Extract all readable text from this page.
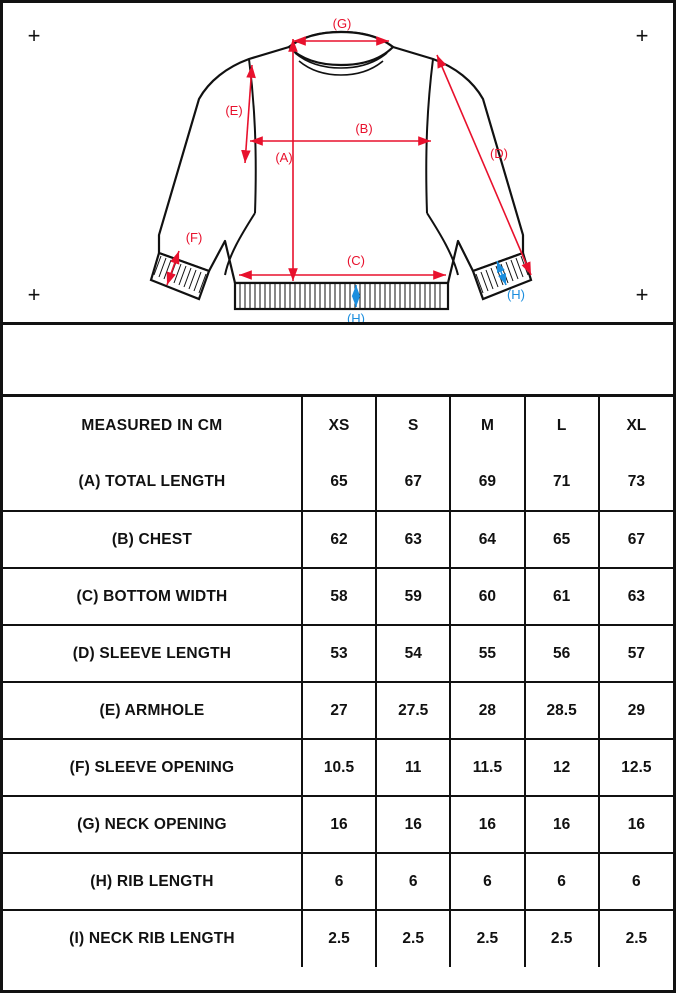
+	+
+	+
(G)
(E)
(B)
(A)	(D)
(F)
(C)
(H)
(H)
MEASURED IN CM	XS	S	M	L	XL
(A) TOTAL LENGTH	65	67	69	71	73
(B) CHEST	62	63	64	65	67
(C) BOTTOM WIDTH	58	59	60	61	63
(D) SLEEVE LENGTH	53	54	55	56	57
(E) ARMHOLE	27	27.5	28	28.5	29
(F) SLEEVE OPENING	10.5	11	11.5	12	12.5
(G) NECK OPENING	16	16	16	16	16
(H) RIB LENGTH	6	6	6	6	6
(I) NECK RIB LENGTH	2.5	2.5	2.5	2.5	2.5
